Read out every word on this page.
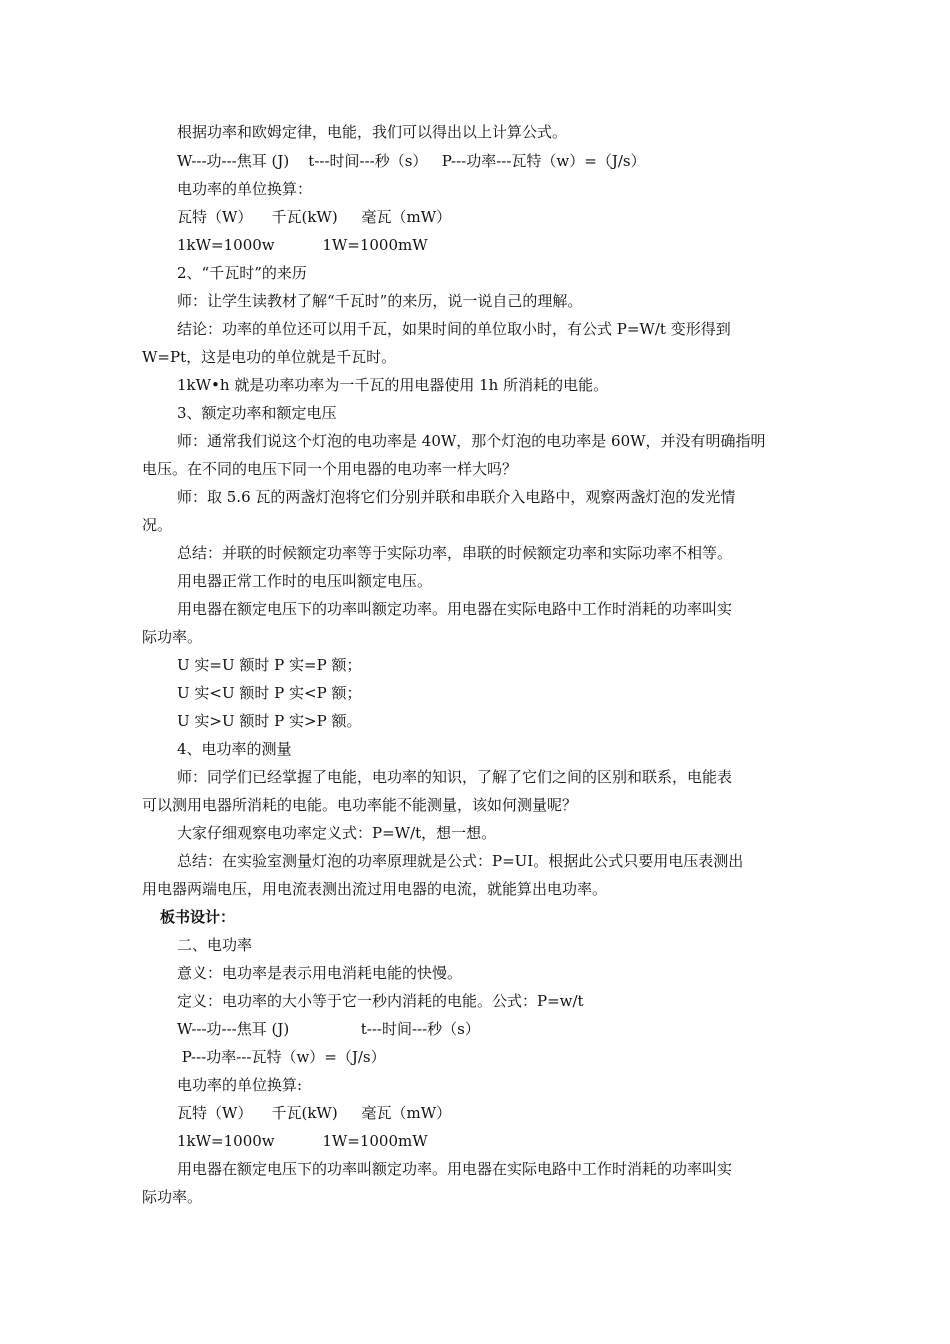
根据功率和欧姆定律，电能，我们可以得出以上计算公式。
W---功---焦耳 (J)    t---时间---秒（s）   P---功率---瓦特（w）=（J/s）
电功率的单位换算：
瓦特（W）    千瓦(kW)     毫瓦（mW）
1kW=1000w          1W=1000mW
2、“千瓦时”的来历
师：让学生读教材了解“千瓦时”的来历，说一说自己的理解。
结论：功率的单位还可以用千瓦，如果时间的单位取小时，有公式 P=W/t 变形得到
W=Pt，这是电功的单位就是千瓦时。
1kW•h 就是功率功率为一千瓦的用电器使用 1h 所消耗的电能。
3、额定功率和额定电压
师：通常我们说这个灯泡的电功率是 40W，那个灯泡的电功率是 60W，并没有明确指明
电压。在不同的电压下同一个用电器的电功率一样大吗？
师：取 5.6 瓦的两盏灯泡将它们分别并联和串联介入电路中，观察两盏灯泡的发光情
况。
总结：并联的时候额定功率等于实际功率，串联的时候额定功率和实际功率不相等。
用电器正常工作时的电压叫额定电压。
用电器在额定电压下的功率叫额定功率。用电器在实际电路中工作时消耗的功率叫实
际功率。
U 实=U 额时 P 实=P 额；
U 实<U 额时 P 实<P 额；
U 实>U 额时 P 实>P 额。
4、电功率的测量
师：同学们已经掌握了电能，电功率的知识，了解了它们之间的区别和联系，电能表
可以测用电器所消耗的电能。电功率能不能测量，该如何测量呢？
大家仔细观察电功率定义式：P=W/t，想一想。
总结：在实验室测量灯泡的功率原理就是公式：P=UI。根据此公式只要用电压表测出
用电器两端电压，用电流表测出流过用电器的电流，就能算出电功率。
板书设计：
二、电功率
意义：电功率是表示用电消耗电能的快慢。
定义：电功率的大小等于它一秒内消耗的电能。公式：P=w/t
W---功---焦耳 (J)               t---时间---秒（s）
P---功率---瓦特（w）=（J/s）
电功率的单位换算:
瓦特（W）    千瓦(kW)     毫瓦（mW）
1kW=1000w          1W=1000mW
用电器在额定电压下的功率叫额定功率。用电器在实际电路中工作时消耗的功率叫实
际功率。
